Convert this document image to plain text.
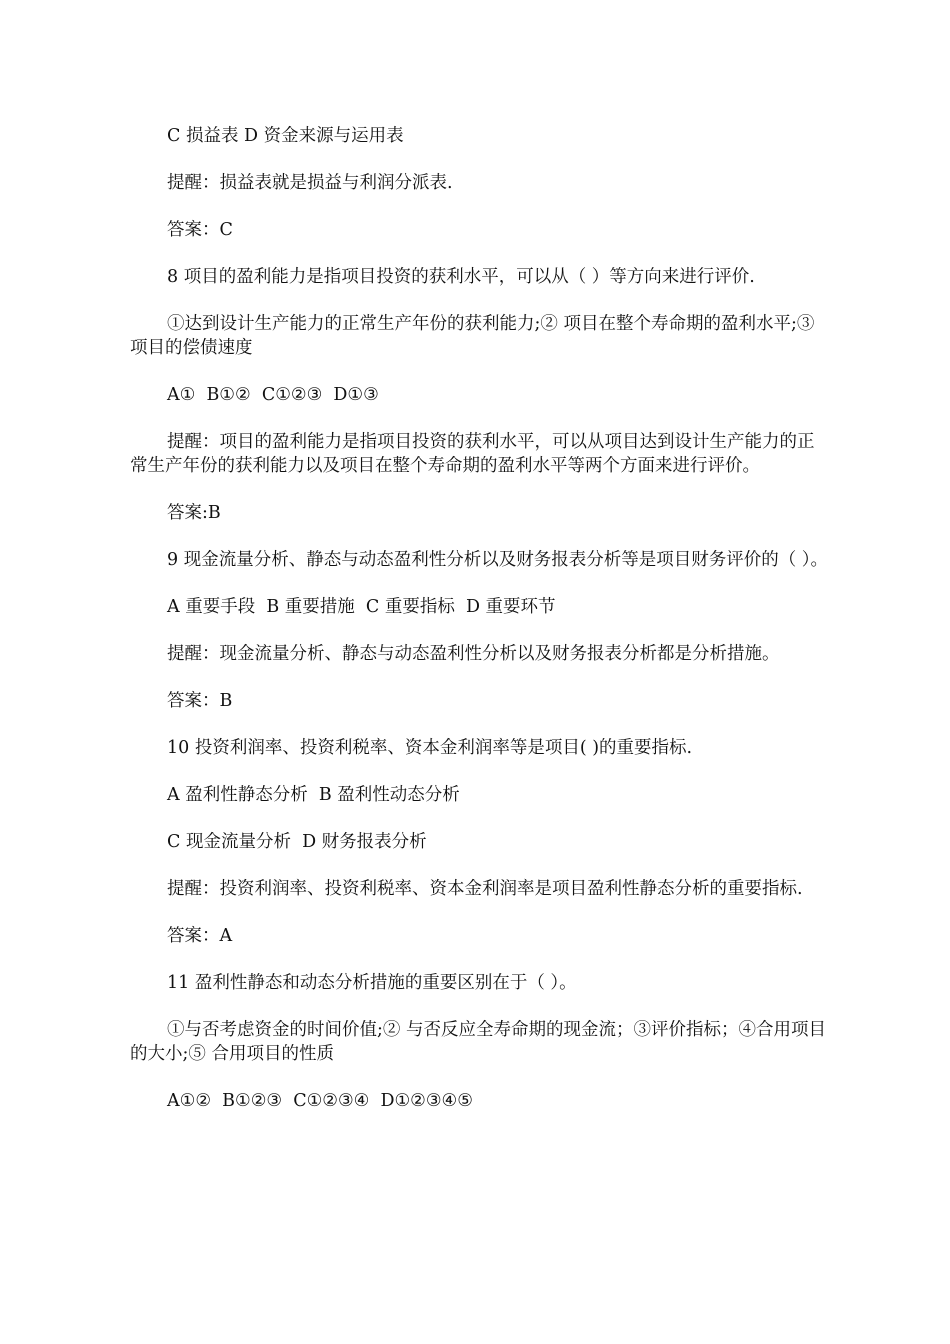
C 损益表 D 资金来源与运用表

提醒：损益表就是损益与利润分派表.

答案：C

8 项目的盈利能力是指项目投资的获利水平，可以从（ ）等方向来进行评价.

①达到设计生产能力的正常生产年份的获利能力;② 项目在整个寿命期的盈利水平;③ 项目的偿债速度

A①  B①②  C①②③  D①③

提醒：项目的盈利能力是指项目投资的获利水平，可以从项目达到设计生产能力的正常生产年份的获利能力以及项目在整个寿命期的盈利水平等两个方面来进行评价。

答案:B

9 现金流量分析、静态与动态盈利性分析以及财务报表分析等是项目财务评价的（ ）。

A 重要手段  B 重要措施  C 重要指标  D 重要环节

提醒：现金流量分析、静态与动态盈利性分析以及财务报表分析都是分析措施。

答案：B

10 投资利润率、投资利税率、资本金利润率等是项目( )的重要指标.

A 盈利性静态分析  B 盈利性动态分析

C 现金流量分析  D 财务报表分析

提醒：投资利润率、投资利税率、资本金利润率是项目盈利性静态分析的重要指标.

答案：A

11 盈利性静态和动态分析措施的重要区别在于（ ）。

①与否考虑资金的时间价值;② 与否反应全寿命期的现金流；③评价指标；④合用项目的大小;⑤ 合用项目的性质

A①②  B①②③  C①②③④  D①②③④⑤
